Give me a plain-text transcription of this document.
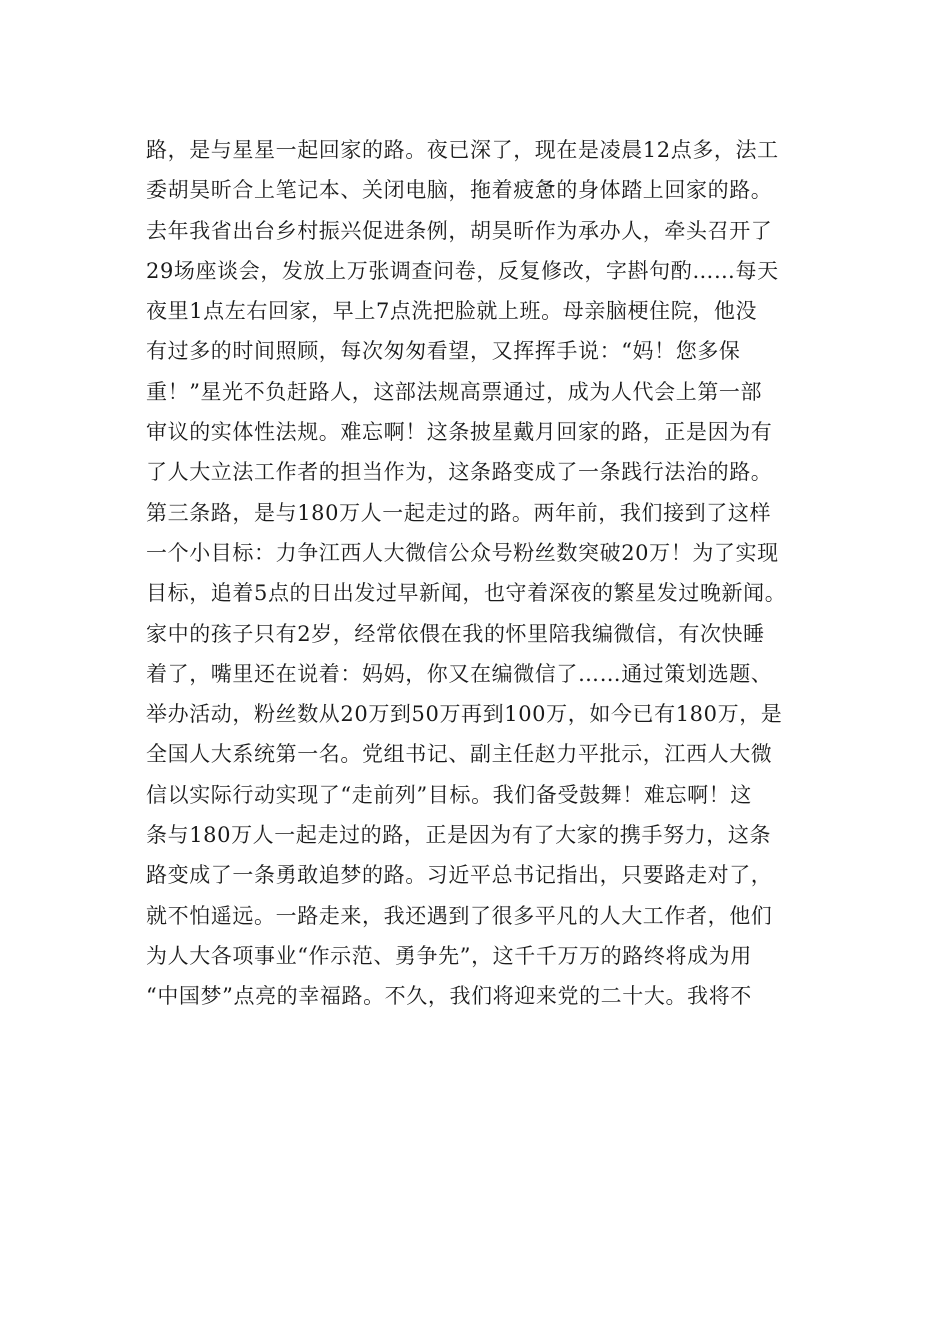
路，是与星星一起回家的路。夜已深了，现在是凌晨12点多，法工
委胡昊昕合上笔记本、关闭电脑，拖着疲惫的身体踏上回家的路。
去年我省出台乡村振兴促进条例，胡昊昕作为承办人，牵头召开了
29场座谈会，发放上万张调查问卷，反复修改，字斟句酌……每天
夜里1点左右回家，早上7点洗把脸就上班。母亲脑梗住院，他没
有过多的时间照顾，每次匆匆看望，又挥挥手说：“妈！您多保
重！”星光不负赶路人，这部法规高票通过，成为人代会上第一部
审议的实体性法规。难忘啊！这条披星戴月回家的路，正是因为有
了人大立法工作者的担当作为，这条路变成了一条践行法治的路。
第三条路，是与180万人一起走过的路。两年前，我们接到了这样
一个小目标：力争江西人大微信公众号粉丝数突破20万！为了实现
目标，追着5点的日出发过早新闻，也守着深夜的繁星发过晚新闻。
家中的孩子只有2岁，经常依偎在我的怀里陪我编微信，有次快睡
着了，嘴里还在说着：妈妈，你又在编微信了……通过策划选题、
举办活动，粉丝数从20万到50万再到100万，如今已有180万，是
全国人大系统第一名。党组书记、副主任赵力平批示，江西人大微
信以实际行动实现了“走前列”目标。我们备受鼓舞！难忘啊！这
条与180万人一起走过的路，正是因为有了大家的携手努力，这条
路变成了一条勇敢追梦的路。习近平总书记指出，只要路走对了，
就不怕遥远。一路走来，我还遇到了很多平凡的人大工作者，他们
为人大各项事业“作示范、勇争先”，这千千万万的路终将成为用
“中国梦”点亮的幸福路。不久，我们将迎来党的二十大。我将不
